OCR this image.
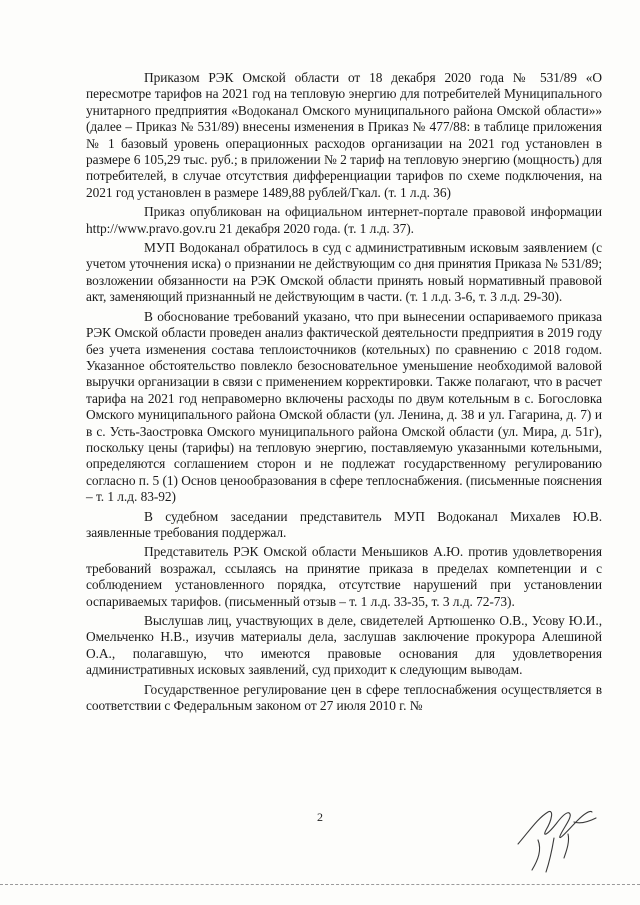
Приказом РЭК Омской области от 18 декабря 2020 года № 531/89 «О пересмотре тарифов на 2021 год на тепловую энергию для потребителей Муниципального унитарного предприятия «Водоканал Омского муниципального района Омской области»» (далее – Приказ № 531/89) внесены изменения в Приказ № 477/88: в таблице приложения № 1 базовый уровень операционных расходов организации на 2021 год установлен в размере 6 105,29 тыс. руб.; в приложении № 2 тариф на тепловую энергию (мощность) для потребителей, в случае отсутствия дифференциации тарифов по схеме подключения, на 2021 год установлен в размере 1489,88 рублей/Гкал. (т. 1 л.д. 36)

Приказ опубликован на официальном интернет-портале правовой информации http://www.pravo.gov.ru 21 декабря 2020 года. (т. 1 л.д. 37).

МУП Водоканал обратилось в суд с административным исковым заявлением (с учетом уточнения иска) о признании не действующим со дня принятия Приказа № 531/89; возложении обязанности на РЭК Омской области принять новый нормативный правовой акт, заменяющий признанный не действующим в части. (т. 1 л.д. 3-6, т. 3 л.д. 29-30).

В обоснование требований указано, что при вынесении оспариваемого приказа РЭК Омской области проведен анализ фактической деятельности предприятия в 2019 году без учета изменения состава теплоисточников (котельных) по сравнению с 2018 годом. Указанное обстоятельство повлекло безосновательное уменьшение необходимой валовой выручки организации в связи с применением корректировки. Также полагают, что в расчет тарифа на 2021 год неправомерно включены расходы по двум котельным в с. Богословка Омского муниципального района Омской области (ул. Ленина, д. 38 и ул. Гагарина, д. 7) и в с. Усть-Заостровка Омского муниципального района Омской области (ул. Мира, д. 51г), поскольку цены (тарифы) на тепловую энергию, поставляемую указанными котельными, определяются соглашением сторон и не подлежат государственному регулированию согласно п. 5 (1) Основ ценообразования в сфере теплоснабжения. (письменные пояснения – т. 1 л.д. 83-92)

В судебном заседании представитель МУП Водоканал Михалев Ю.В. заявленные требования поддержал.

Представитель РЭК Омской области Меньшиков А.Ю. против удовлетворения требований возражал, ссылаясь на принятие приказа в пределах компетенции и с соблюдением установленного порядка, отсутствие нарушений при установлении оспариваемых тарифов. (письменный отзыв – т. 1 л.д. 33-35, т. 3 л.д. 72-73).

Выслушав лиц, участвующих в деле, свидетелей Артюшенко О.В., Усову Ю.И., Омельченко Н.В., изучив материалы дела, заслушав заключение прокурора Алешиной О.А., полагавшую, что имеются правовые основания для удовлетворения административных исковых заявлений, суд приходит к следующим выводам.

Государственное регулирование цен в сфере теплоснабжения осуществляется в соответствии с Федеральным законом от 27 июля 2010 г. №

2
